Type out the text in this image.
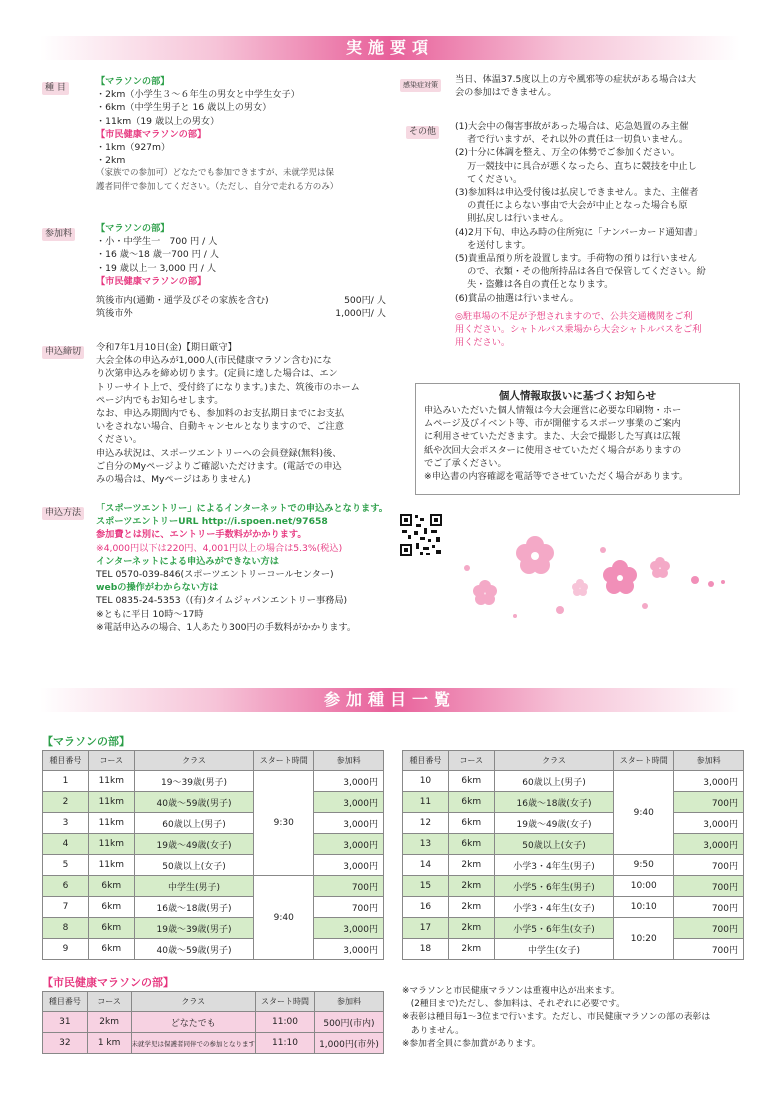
実施要項
種 目
【マラソンの部】
・2km（小学生３～６年生の男女と中学生女子）
・6km（中学生男子と 16 歳以上の男女）
・11km（19 歳以上の男女）
【市民健康マラソンの部】
・1km（927m）
・2km
（家族での参加可）どなたでも参加できますが、未就学児は保
護者同伴で参加してください。（ただし、自分で走れる方のみ）
参加料	【マラソンの部】
・小・中学生一　700 円 / 人
・16 歳～18 歳一700 円 / 人
・19 歳以上一 3,000 円 / 人
【市民健康マラソンの部】
筑後市内(通勤・通学及びその家族を含む)	500円/ 人
筑後市外	1,000円/ 人
申込締切	令和7年1月10日(金)【期日厳守】
大会全体の申込みが1,000人(市民健康マラソン含む)にな
り次第申込みを締め切ります。(定員に達した場合は、エン
トリーサイト上で、受付終了になります。)また、筑後市のホーム
ページ内でもお知らせします。
なお、申込み期間内でも、参加料のお支払期日までにお支払
いをされない場合、自動キャンセルとなりますので、ご注意
ください。
申込み状況は、スポーツエントリーへの会員登録(無料)後、
ご自分のMyページよりご確認いただけます。(電話での申込
みの場合は、Myページはありません)
申込方法	「スポーツエントリー」によるインターネットでの申込みとなります。
スポーツエントリーURL http://i.spoen.net/97658
参加費とは別に、エントリー手数料がかかります。
※4,000円以下は220円、4,001円以上の場合は5.3%(税込)
インターネットによる申込みができない方は
TEL 0570-039-846(スポーツエントリーコールセンター)
webの操作がわからない方は
TEL 0835-24-5353（(有)タイムジャパンエントリー事務局)
※ともに平日 10時～17時
※電話申込みの場合、1人あたり300円の手数料がかかります。
感染症対策	当日、体温37.5度以上の方や風邪等の症状がある場合は大
会の参加はできません。
その他	(1)大会中の傷害事故があった場合は、応急処置のみ主催
　 者で行いますが、それ以外の責任は一切負いません。
(2)十分に体調を整え、万全の体勢でご参加ください。
　 万一競技中に具合が悪くなったら、直ちに競技を中止し
　 てください。
(3)参加料は申込受付後は払戻しできません。また、主催者
　 の責任によらない事由で大会が中止となった場合も原
　 則払戻しは行いません。
(4)2月下旬、申込み時の住所宛に「ナンバーカード通知書」
　 を送付します。
(5)貴重品預り所を設置します。手荷物の預りは行いません
　 ので、衣類・その他所持品は各自で保管してください。紛
　 失・盗難は各自の責任となります。
(6)賞品の抽選は行いません。
◎駐車場の不足が予想されますので、公共交通機関をご利
用ください。シャトルバス乗場から大会シャトルバスをご利
用ください。
個人情報取扱いに基づくお知らせ
申込みいただいた個人情報は今大会運営に必要な印刷物・ホー
ムページ及びイベント等、市が開催するスポーツ事業のご案内
に利用させていただきます。また、大会で撮影した写真は広報
紙や次回大会ポスターに使用させていただく場合がありますの
でご了承ください。
※申込書の内容確認を電話等でさせていただく場合があります。
参加種目一覧
【マラソンの部】
種目番号	コース	クラス	スタート時間	参加料
1	11km	19～39歳(男子)	9:30	3,000円
2	11km	40歳～59歳(男子)		3,000円
3	11km	60歳以上(男子)		3,000円
4	11km	19歳～49歳(女子)		3,000円
5	11km	50歳以上(女子)		3,000円
6	6km	中学生(男子)	9:40	700円
7	6km	16歳～18歳(男子)		700円
8	6km	19歳～39歳(男子)		3,000円
9	6km	40歳～59歳(男子)		3,000円
種目番号	コース	クラス	スタート時間	参加料
10	6km	60歳以上(男子)	9:40	3,000円
11	6km	16歳～18歳(女子)		700円
12	6km	19歳～49歳(女子)		3,000円
13	6km	50歳以上(女子)		3,000円
14	2km	小学3・4年生(男子)	9:50	700円
15	2km	小学5・6年生(男子)	10:00	700円
16	2km	小学3・4年生(女子)	10:10	700円
17	2km	小学5・6年生(女子)	10:20	700円
18	2km	中学生(女子)		700円
【市民健康マラソンの部】
種目番号	コース	クラス	スタート時間	参加料
31	2km	どなたでも	11:00	500円(市内)
32	1 km	未就学児は保護者同伴での参加となります	11:10	1,000円(市外)
※マラソンと市民健康マラソンは重複申込が出来ます。
　(2種目まで)ただし、参加料は、それぞれに必要です。
※表彰は種目毎1～3位まで行います。ただし、市民健康マラソンの部の表彰は
　ありません。
※参加者全員に参加賞があります。
